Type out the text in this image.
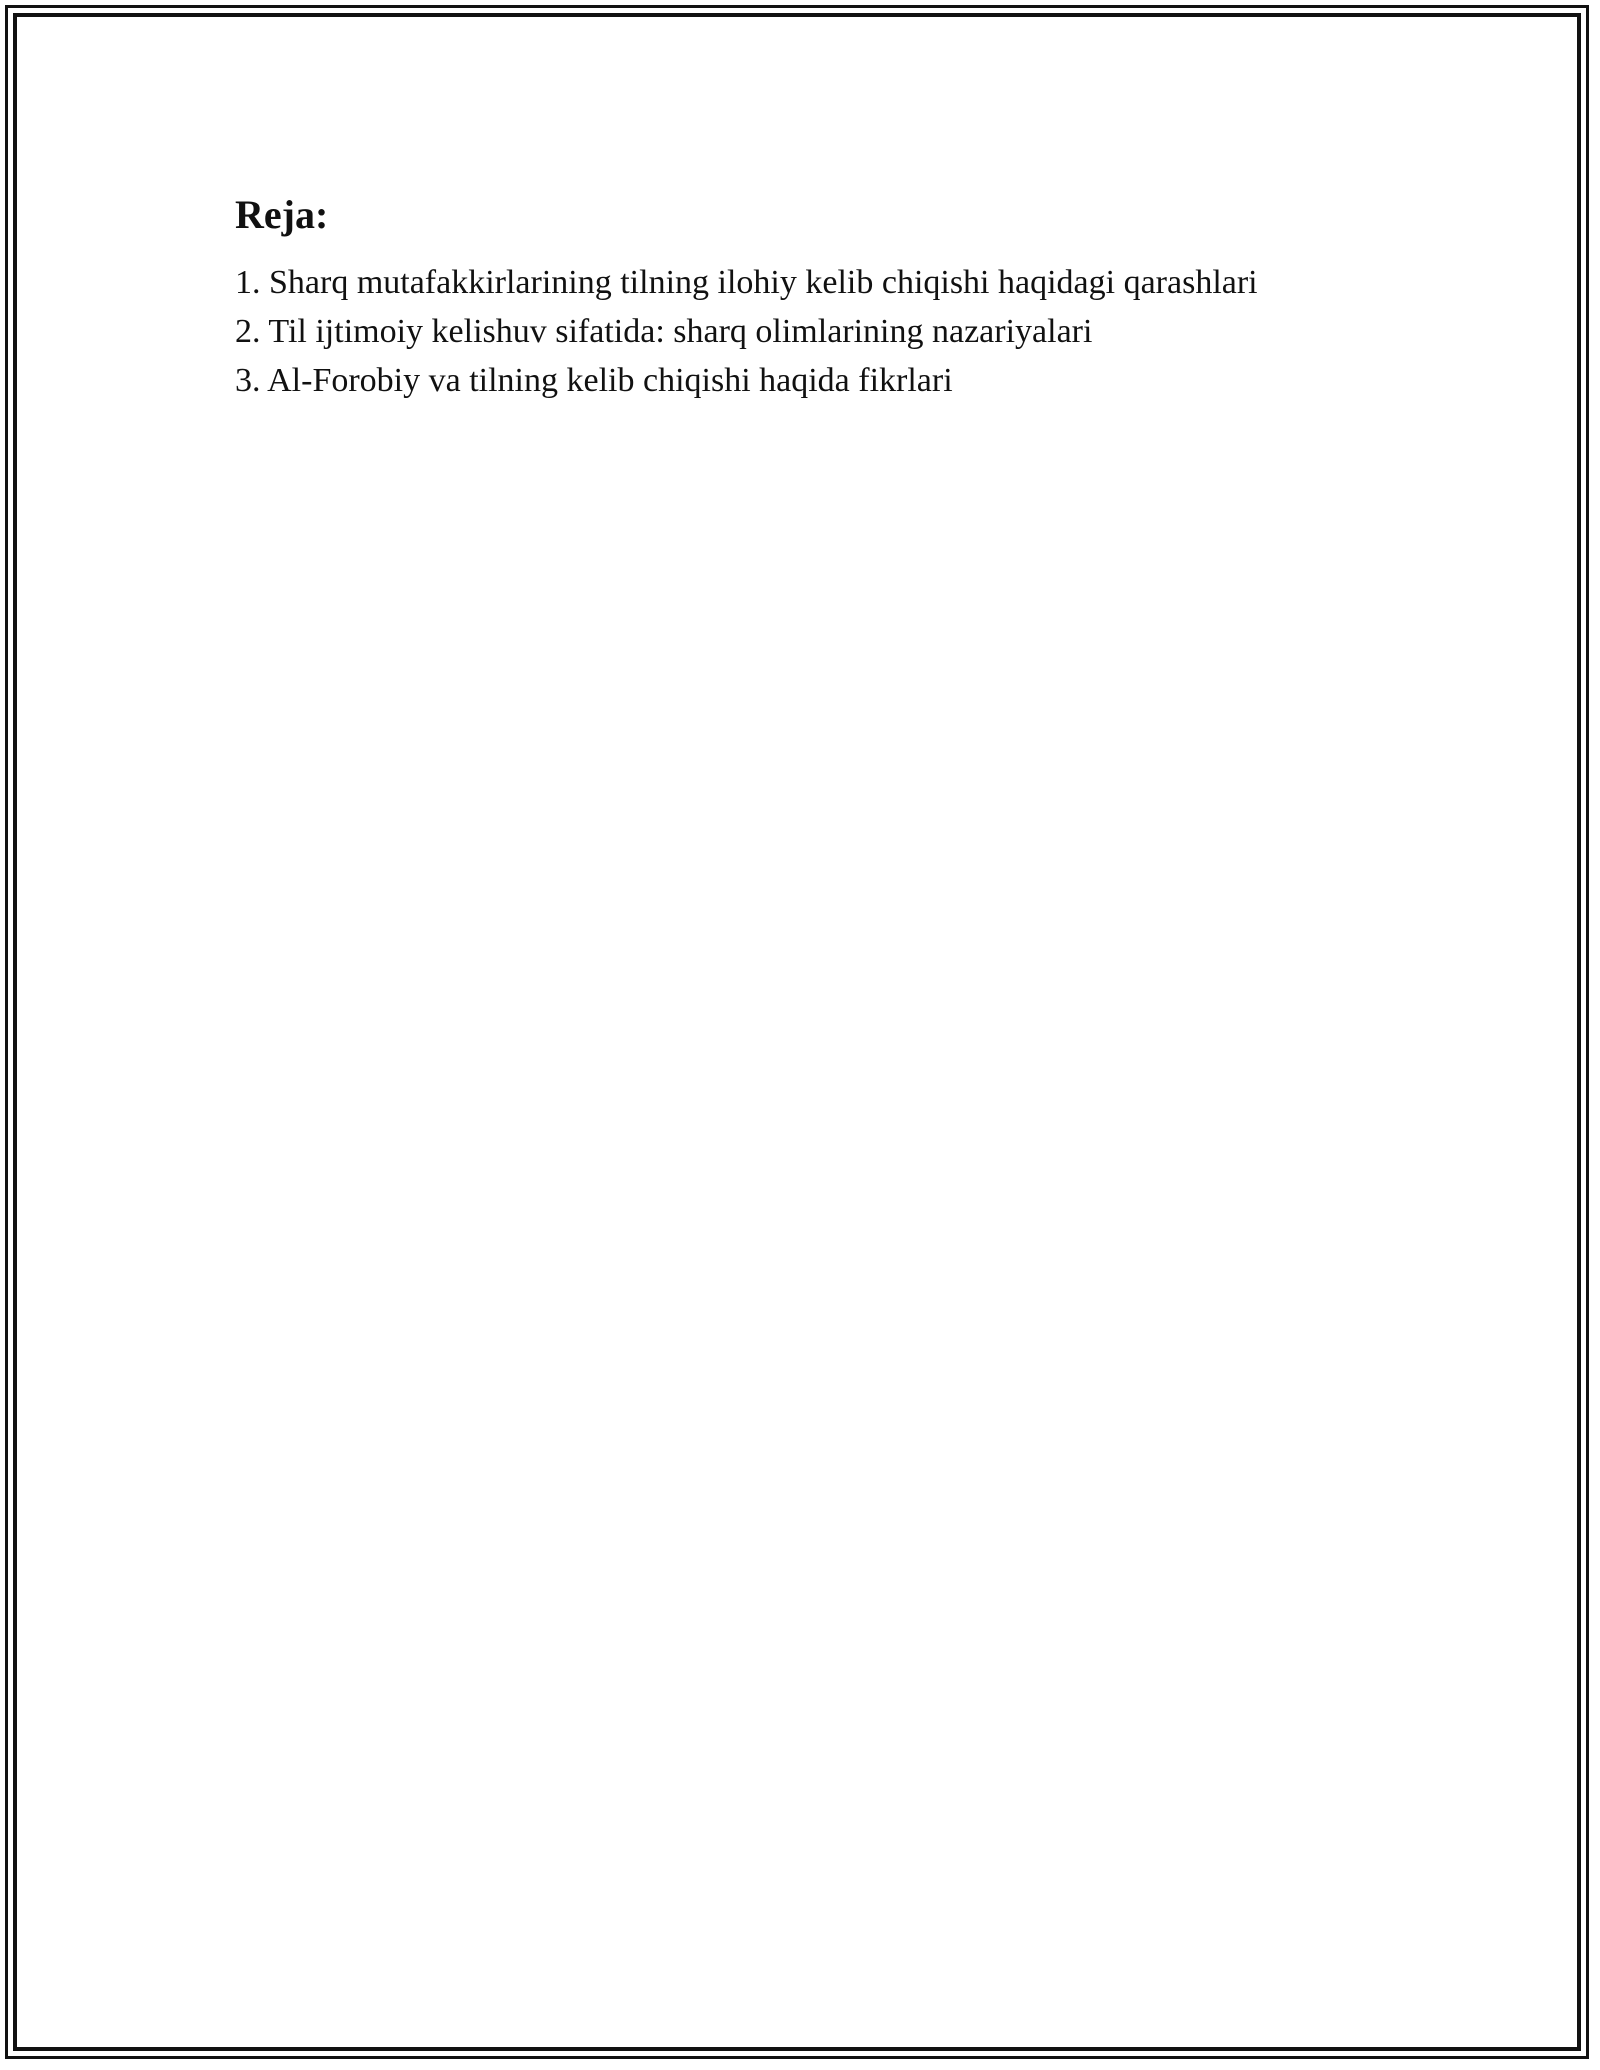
Reja:
1. Sharq mutafakkirlarining tilning ilohiy kelib chiqishi haqidagi qarashlari
2. Til ijtimoiy kelishuv sifatida: sharq olimlarining nazariyalari
3. Al-Forobiy va tilning kelib chiqishi haqida fikrlari
